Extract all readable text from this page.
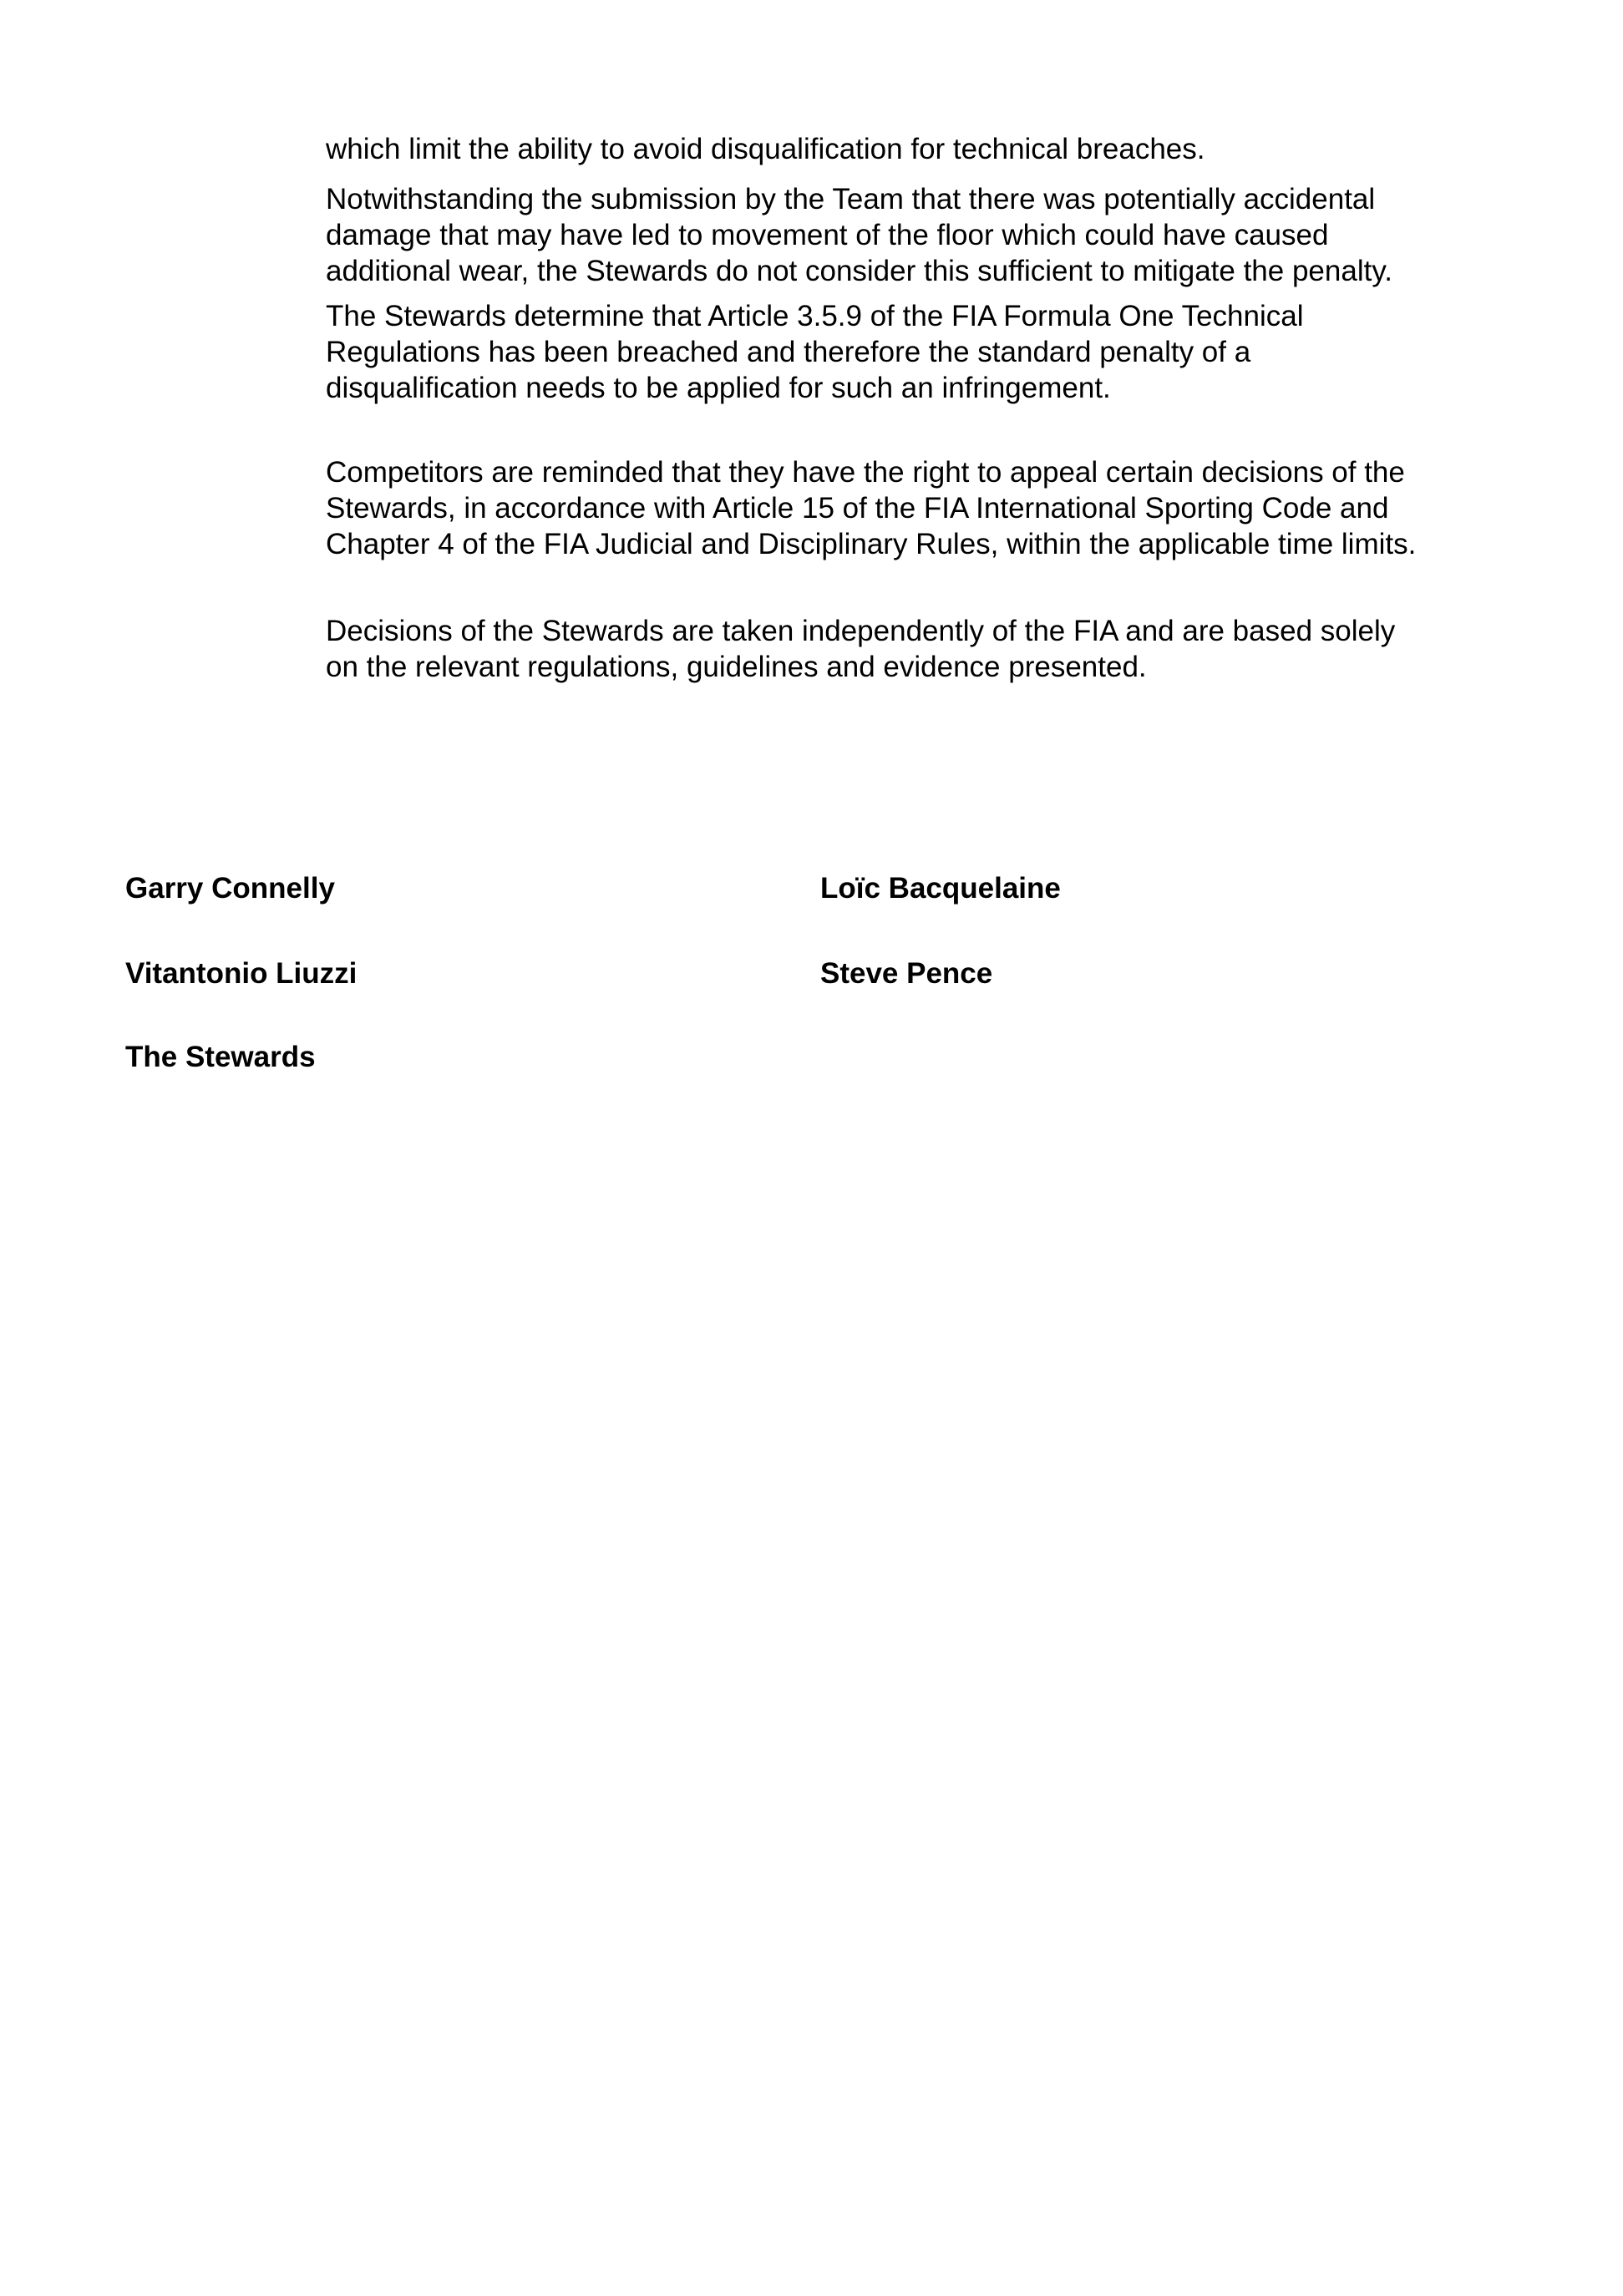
which limit the ability to avoid disqualification for technical breaches.
Notwithstanding the submission by the Team that there was potentially accidental
damage that may have led to movement of the floor which could have caused
additional wear, the Stewards do not consider this sufficient to mitigate the penalty.
The Stewards determine that Article 3.5.9 of the FIA Formula One Technical
Regulations has been breached and therefore the standard penalty of a
disqualification needs to be applied for such an infringement.
Competitors are reminded that they have the right to appeal certain decisions of the
Stewards, in accordance with Article 15 of the FIA International Sporting Code and
Chapter 4 of the FIA Judicial and Disciplinary Rules, within the applicable time limits.
Decisions of the Stewards are taken independently of the FIA and are based solely
on the relevant regulations, guidelines and evidence presented.
Garry Connelly	Loïc Bacquelaine
Vitantonio Liuzzi	Steve Pence
The Stewards
